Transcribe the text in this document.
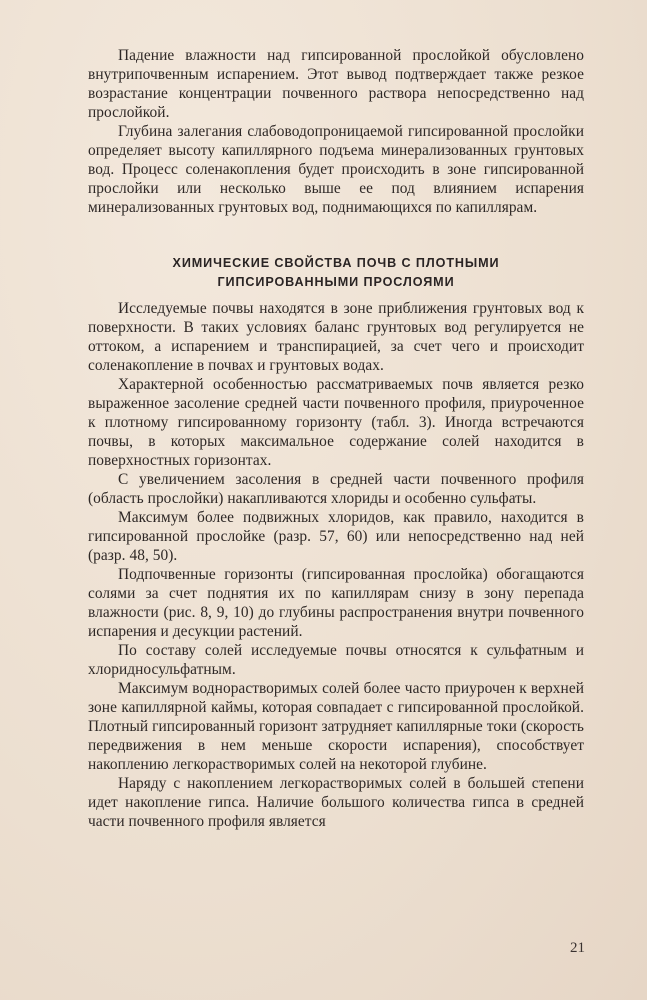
Падение влажности над гипсированной прослойкой обусловлено внутрипочвенным испарением. Этот вывод подтверждает также резкое возрастание концентрации почвенного раствора непосредственно над прослойкой.

Глубина залегания слабоводопроницаемой гипсированной прослойки определяет высоту капиллярного подъема минерализованных грунтовых вод. Процесс соленакопления будет происходить в зоне гипсированной прослойки или несколько выше ее под влиянием испарения минерализованных грунтовых вод, поднимающихся по капиллярам.

ХИМИЧЕСКИЕ СВОЙСТВА ПОЧВ С ПЛОТНЫМИ
ГИПСИРОВАННЫМИ ПРОСЛОЯМИ

Исследуемые почвы находятся в зоне приближения грунтовых вод к поверхности. В таких условиях баланс грунтовых вод регулируется не оттоком, а испарением и транспирацией, за счет чего и происходит соленакопление в почвах и грунтовых водах.

Характерной особенностью рассматриваемых почв является резко выраженное засоление средней части почвенного профиля, приуроченное к плотному гипсированному горизонту (табл. 3). Иногда встречаются почвы, в которых максимальное содержание солей находится в поверхностных горизонтах.

С увеличением засоления в средней части почвенного профиля (область прослойки) накапливаются хлориды и особенно сульфаты.

Максимум более подвижных хлоридов, как правило, находится в гипсированной прослойке (разр. 57, 60) или непосредственно над ней (разр. 48, 50).

Подпочвенные горизонты (гипсированная прослойка) обогащаются солями за счет поднятия их по капиллярам снизу в зону перепада влажности (рис. 8, 9, 10) до глубины распространения внутри почвенного испарения и десукции растений.

По составу солей исследуемые почвы относятся к сульфатным и хлоридносульфатным.

Максимум воднорастворимых солей более часто приурочен к верхней зоне капиллярной каймы, которая совпадает с гипсированной прослойкой. Плотный гипсированный горизонт затрудняет капиллярные токи (скорость передвижения в нем меньше скорости испарения), способствует накоплению легкорастворимых солей на некоторой глубине.

Наряду с накоплением легкорастворимых солей в большей степени идет накопление гипса. Наличие большого количества гипса в средней части почвенного профиля является

21
